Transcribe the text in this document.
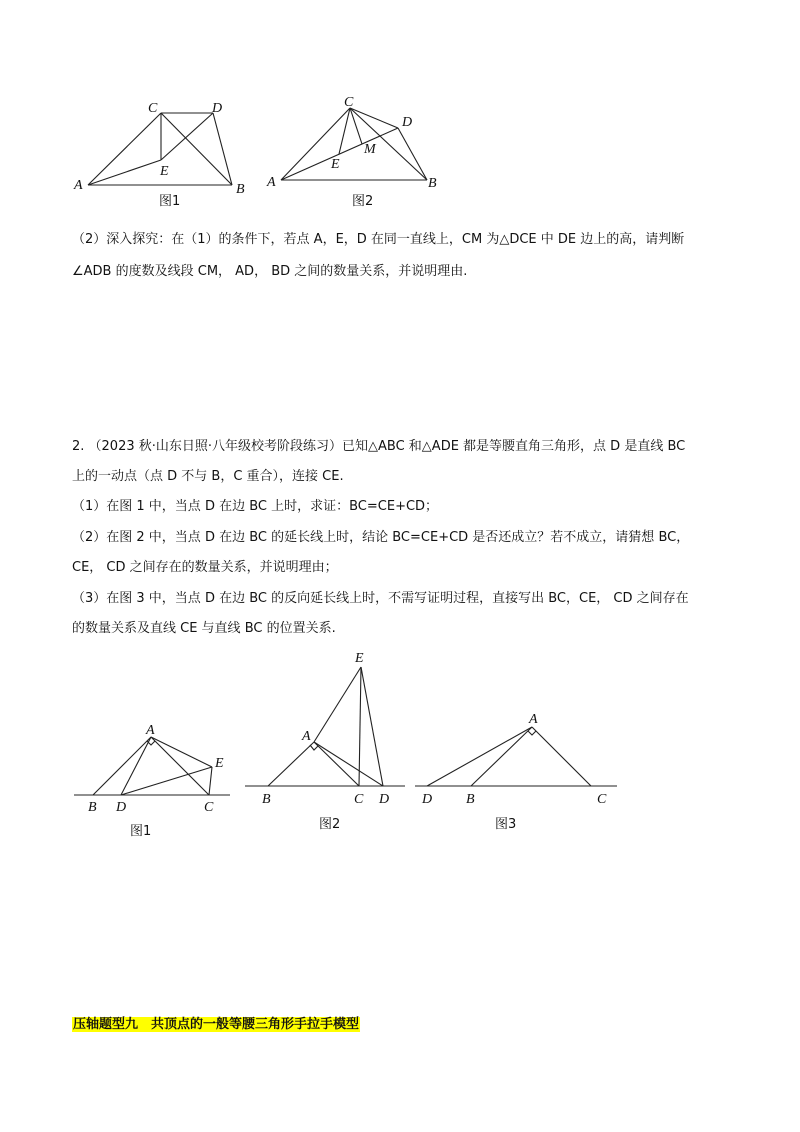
C	D
E
A	B
图1
C
D
E
M
A	B
图2
A
E
B D	C
图1
E
A
B	C D
图2
A
D B	C
图3
（2）深入探究：在（1）的条件下，若点 A，E，D 在同一直线上，CM 为△DCE 中 DE 边上的高，请判断
∠ADB 的度数及线段 CM， AD， BD 之间的数量关系，并说明理由.
2. （2023 秋·山东日照·八年级校考阶段练习）已知△ABC 和△ADE 都是等腰直角三角形，点 D 是直线 BC
上的一动点（点 D 不与 B，C 重合），连接 CE.
（1）在图 1 中，当点 D 在边 BC 上时，求证：BC=CE+CD；
（2）在图 2 中，当点 D 在边 BC 的延长线上时，结论 BC=CE+CD 是否还成立？若不成立，请猜想 BC，
CE， CD 之间存在的数量关系，并说明理由；
（3）在图 3 中，当点 D 在边 BC 的反向延长线上时，不需写证明过程，直接写出 BC，CE， CD 之间存在
的数量关系及直线 CE 与直线 BC 的位置关系.
压轴题型九　共顶点的一般等腰三角形手拉手模型
